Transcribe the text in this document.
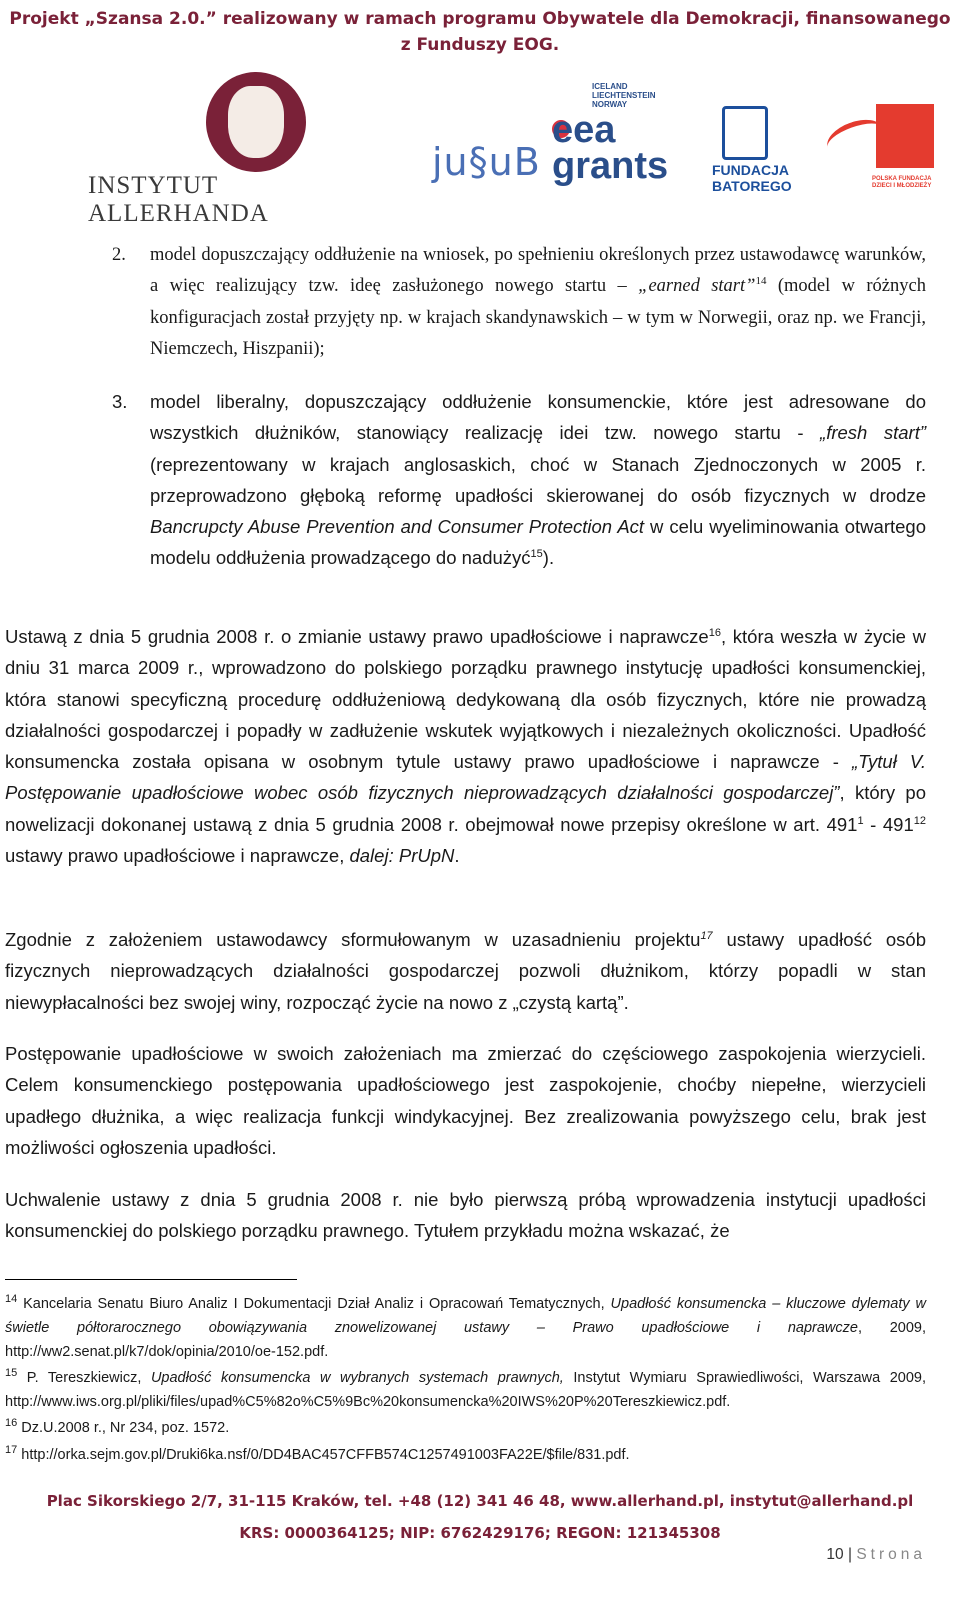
Projekt „Szansa 2.0.” realizowany w ramach programu Obywatele dla Demokracji, finansowanego
z Funduszy EOG.
INSTYTUT ALLERHANDA
ju§uB
ICELAND
LIECHTENSTEIN
NORWAY
eea grants	FUNDACJA
BATOREGO	POLSKA FUNDACJA DZIECI I MŁODZIEŻY
2. model dopuszczający oddłużenie na wniosek, po spełnieniu określonych przez ustawodawcę warunków, a więc realizujący tzw. ideę zasłużonego nowego startu – „earned start”$^{14}$ (model w różnych konfiguracjach został przyjęty np. w krajach skandynawskich – w tym w Norwegii, oraz np. we Francji, Niemczech, Hiszpanii);
3. model liberalny, dopuszczający oddłużenie konsumenckie, które jest adresowane do wszystkich dłużników, stanowiący realizację idei tzw. nowego startu - „fresh start” (reprezentowany w krajach anglosaskich, choć w Stanach Zjednoczonych w 2005 r. przeprowadzono głęboką reformę upadłości skierowanej do osób fizycznych w drodze Bancrupcty Abuse Prevention and Consumer Protection Act w celu wyeliminowania otwartego modelu oddłużenia prowadzącego do nadużyć$^{15}$).
Ustawą z dnia 5 grudnia 2008 r. o zmianie ustawy prawo upadłościowe i naprawcze$^{16}$, która weszła w życie w dniu 31 marca 2009 r., wprowadzono do polskiego porządku prawnego instytucję upadłości konsumenckiej, która stanowi specyficzną procedurę oddłużeniową dedykowaną dla osób fizycznych, które nie prowadzą działalności gospodarczej i popadły w zadłużenie wskutek wyjątkowych i niezależnych okoliczności. Upadłość konsumencka została opisana w osobnym tytule ustawy prawo upadłościowe i naprawcze - „Tytuł V. Postępowanie upadłościowe wobec osób fizycznych nieprowadzących działalności gospodarczej”, który po nowelizacji dokonanej ustawą z dnia 5 grudnia 2008 r. obejmował nowe przepisy określone w art. $491^1 - 491^{12}$ ustawy prawo upadłościowe i naprawcze, dalej: PrUpN.
Zgodnie z założeniem ustawodawcy sformułowanym w uzasadnieniu projektu$^{17}$ ustawy upadłość osób fizycznych nieprowadzących działalności gospodarczej pozwoli dłużnikom, którzy popadli w stan niewypłacalności bez swojej winy, rozpocząć życie na nowo z „czystą kartą”.
Postępowanie upadłościowe w swoich założeniach ma zmierzać do częściowego zaspokojenia wierzycieli. Celem konsumenckiego postępowania upadłościowego jest zaspokojenie, choćby niepełne, wierzycieli upadłego dłużnika, a więc realizacja funkcji windykacyjnej. Bez zrealizowania powyższego celu, brak jest możliwości ogłoszenia upadłości.
Uchwalenie ustawy z dnia 5 grudnia 2008 r. nie było pierwszą próbą wprowadzenia instytucji upadłości konsumenckiej do polskiego porządku prawnego. Tytułem przykładu można wskazać, że
$^{14}$ Kancelaria Senatu Biuro Analiz I Dokumentacji Dział Analiz i Opracowań Tematycznych, Upadłość konsumencka – kluczowe dylematy w świetle półtorarocznego obowiązywania znowelizowanej ustawy – Prawo upadłościowe i naprawcze, 2009, http://ww2.senat.pl/k7/dok/opinia/2010/oe-152.pdf.
$^{15}$ P. Tereszkiewicz, Upadłość konsumencka w wybranych systemach prawnych, Instytut Wymiaru Sprawiedliwości, Warszawa 2009, http://www.iws.org.pl/pliki/files/upad%C5%82o%C5%9Bc%20konsumencka%20IWS%20P%20Tereszkiewicz.pdf.
$^{16}$ Dz.U.2008 r., Nr 234, poz. 1572.
$^{17}$ http://orka.sejm.gov.pl/Druki6ka.nsf/0/DD4BAC457CFFB574C1257491003FA22E/$file/831.pdf.
Plac Sikorskiego 2/7, 31-115 Kraków, tel. +48 (12) 341 46 48, www.allerhand.pl, instytut@allerhand.pl
KRS: 0000364125; NIP: 6762429176; REGON: 121345308
10 | Strona
